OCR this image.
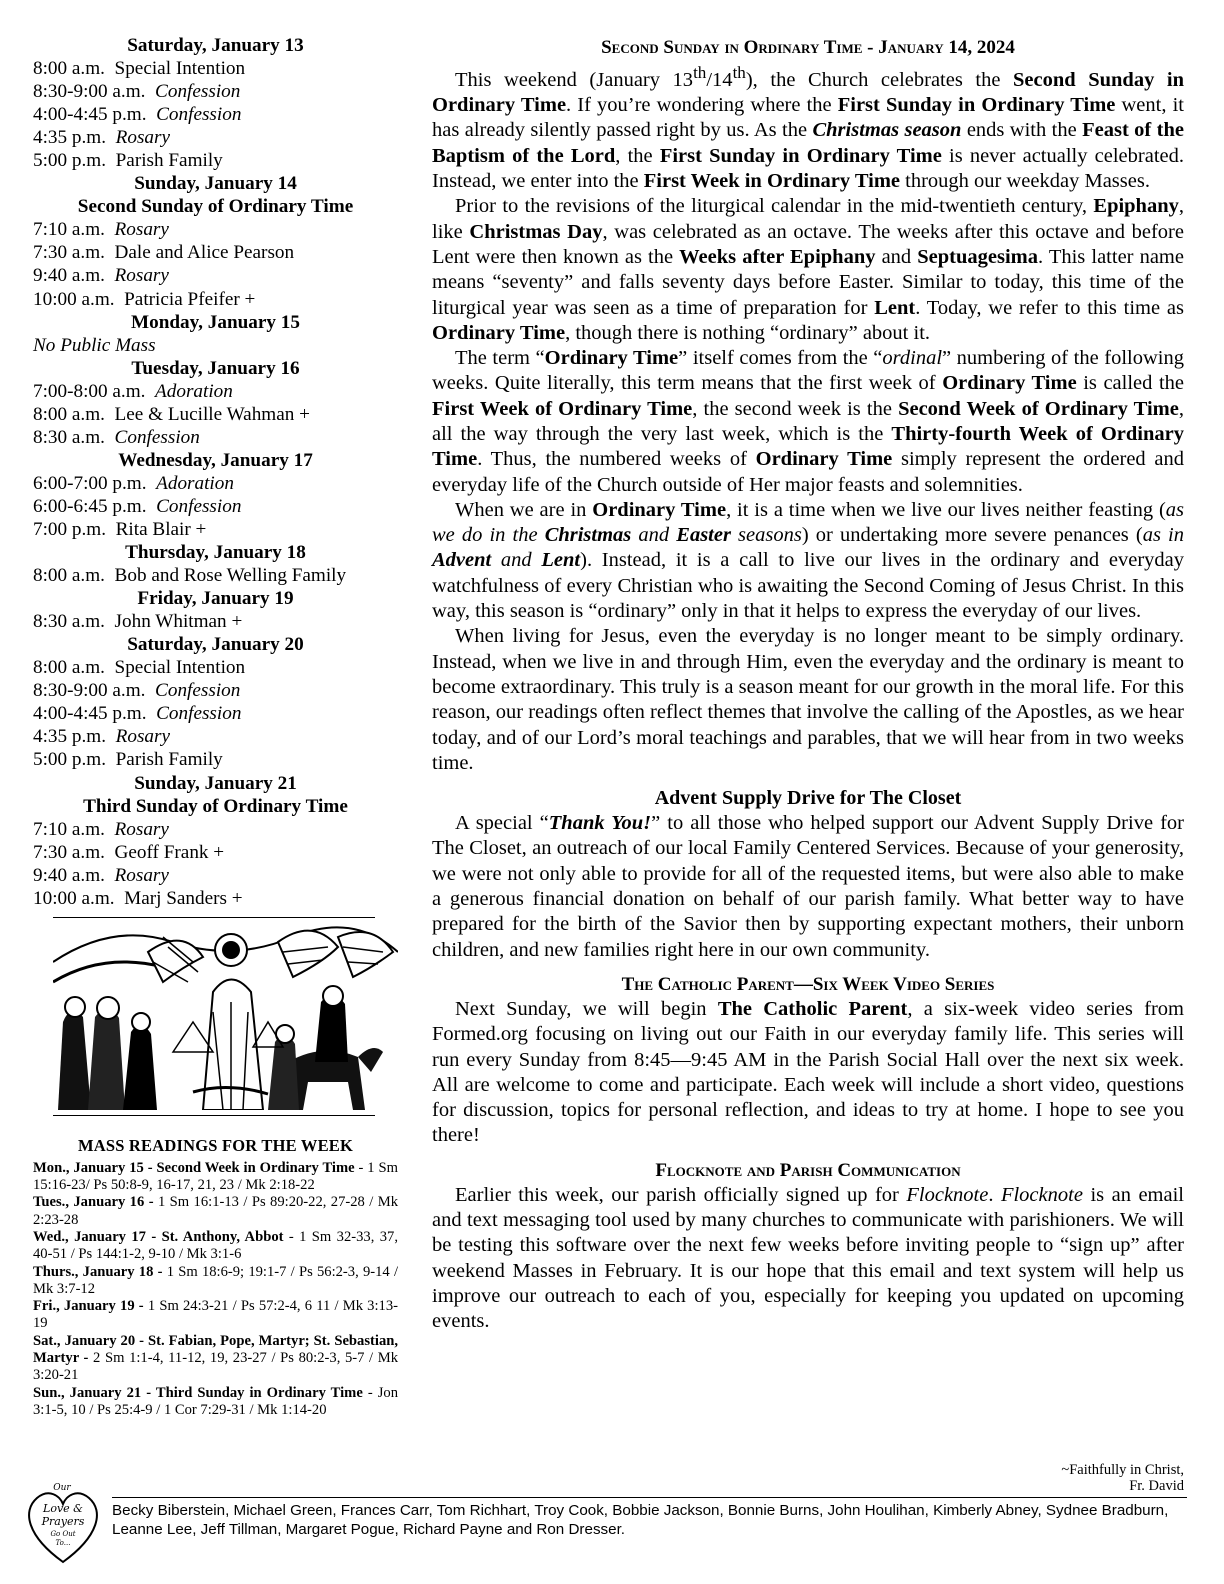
Saturday, January 13
8:00 a.m. Special Intention
8:30-9:00 a.m. Confession
4:00-4:45 p.m. Confession
4:35 p.m. Rosary
5:00 p.m. Parish Family
Sunday, January 14
Second Sunday of Ordinary Time
7:10 a.m. Rosary
7:30 a.m. Dale and Alice Pearson
9:40 a.m. Rosary
10:00 a.m. Patricia Pfeifer +
Monday, January 15
No Public Mass
Tuesday, January 16
7:00-8:00 a.m. Adoration
8:00 a.m.  Lee & Lucille Wahman +
8:30 a.m. Confession
Wednesday, January 17
6:00-7:00 p.m. Adoration
6:00-6:45 p.m. Confession
7:00 p.m. Rita Blair +
Thursday, January 18
8:00 a.m. Bob and Rose Welling Family
Friday, January 19
8:30 a.m. John Whitman +
Saturday, January 20
8:00 a.m. Special Intention
8:30-9:00 a.m. Confession
4:00-4:45 p.m. Confession
4:35 p.m. Rosary
5:00 p.m. Parish Family
Sunday, January 21
Third Sunday of Ordinary Time
7:10 a.m. Rosary
7:30 a.m. Geoff Frank +
9:40 a.m. Rosary
10:00 a.m. Marj Sanders +
MASS READINGS FOR THE WEEK

Mon., January 15 - Second Week in Ordinary Time - 1 Sm 15:16-23/ Ps 50:8-9, 16-17, 21, 23 / Mk 2:18-22

Tues., January 16 - 1 Sm 16:1-13 / Ps 89:20-22, 27-28 / Mk 2:23-28

Wed., January 17 - St. Anthony, Abbot - 1 Sm 32-33, 37, 40-51 / Ps 144:1-2, 9-10 / Mk 3:1-6

Thurs., January 18 - 1 Sm 18:6-9; 19:1-7 / Ps 56:2-3, 9-14 / Mk 3:7-12

Fri., January 19 - 1 Sm 24:3-21 / Ps 57:2-4, 6 11 / Mk 3:13-19

Sat., January 20 - St. Fabian, Pope, Martyr; St. Sebastian, Martyr - 2 Sm 1:1-4, 11-12, 19, 23-27 / Ps 80:2-3, 5-7 / Mk 3:20-21

Sun., January 21 - Third Sunday in Ordinary Time - Jon 3:1-5, 10 / Ps 25:4-9 / 1 Cor 7:29-31 / Mk 1:14-20

Second Sunday in Ordinary Time - January 14, 2024

This weekend (January 13th/14th), the Church celebrates the Second Sunday in Ordinary Time. If you’re wondering where the First Sunday in Ordinary Time went, it has already silently passed right by us. As the Christmas season ends with the Feast of the Baptism of the Lord, the First Sunday in Ordinary Time is never actually celebrated. Instead, we enter into the First Week in Ordinary Time through our weekday Masses.

Prior to the revisions of the liturgical calendar in the mid-twentieth century, Epiphany, like Christmas Day, was celebrated as an octave. The weeks after this octave and before Lent were then known as the Weeks after Epiphany and Septuagesima. This latter name means “seventy” and falls seventy days before Easter. Similar to today, this time of the liturgical year was seen as a time of preparation for Lent. Today, we refer to this time as Ordinary Time, though there is nothing “ordinary” about it.

The term “Ordinary Time” itself comes from the “ordinal” numbering of the following weeks. Quite literally, this term means that the first week of Ordinary Time is called the First Week of Ordinary Time, the second week is the Second Week of Ordinary Time, all the way through the very last week, which is the Thirty-fourth Week of Ordinary Time. Thus, the numbered weeks of Ordinary Time simply represent the ordered and everyday life of the Church outside of Her major feasts and solemnities.

When we are in Ordinary Time, it is a time when we live our lives neither feasting (as we do in the Christmas and Easter seasons) or undertaking more severe penances (as in Advent and Lent). Instead, it is a call to live our lives in the ordinary and everyday watchfulness of every Christian who is awaiting the Second Coming of Jesus Christ. In this way, this season is “ordinary” only in that it helps to express the everyday of our lives.

When living for Jesus, even the everyday is no longer meant to be simply ordinary. Instead, when we live in and through Him, even the everyday and the ordinary is meant to become extraordinary. This truly is a season meant for our growth in the moral life. For this reason, our readings often reflect themes that involve the calling of the Apostles, as we hear today, and of our Lord’s moral teachings and parables, that we will hear from in two weeks time.

Advent Supply Drive for The Closet

A special “Thank You!” to all those who helped support our Advent Supply Drive for The Closet, an outreach of our local Family Centered Services. Because of your generosity, we were not only able to provide for all of the requested items, but were also able to make a generous financial donation on behalf of our parish family. What better way to have prepared for the birth of the Savior then by supporting expectant mothers, their unborn children, and new families right here in our own community.

The Catholic Parent—Six Week Video Series

Next Sunday, we will begin The Catholic Parent, a six-week video series from Formed.org focusing on living out our Faith in our everyday family life. This series will run every Sunday from 8:45—9:45 AM in the Parish Social Hall over the next six week. All are welcome to come and participate. Each week will include a short video, questions for discussion, topics for personal reflection, and ideas to try at home. I hope to see you there!

Flocknote and Parish Communication

Earlier this week, our parish officially signed up for Flocknote. Flocknote is an email and text messaging tool used by many churches to communicate with parishioners. We will be testing this software over the next few weeks before inviting people to “sign up” after weekend Masses in February. It is our hope that this email and text system will help us improve our outreach to each of you, especially for keeping you updated on upcoming events.

~Faithfully in Christ,
Fr. David
Our
Love &
Prayers
Go Out
To...
Becky Biberstein, Michael Green, Frances Carr, Tom Richhart, Troy Cook, Bobbie Jackson, Bonnie Burns, John Houlihan, Kimberly Abney, Sydnee Bradburn, Leanne Lee, Jeff Tillman, Margaret Pogue, Richard Payne and Ron Dresser.
